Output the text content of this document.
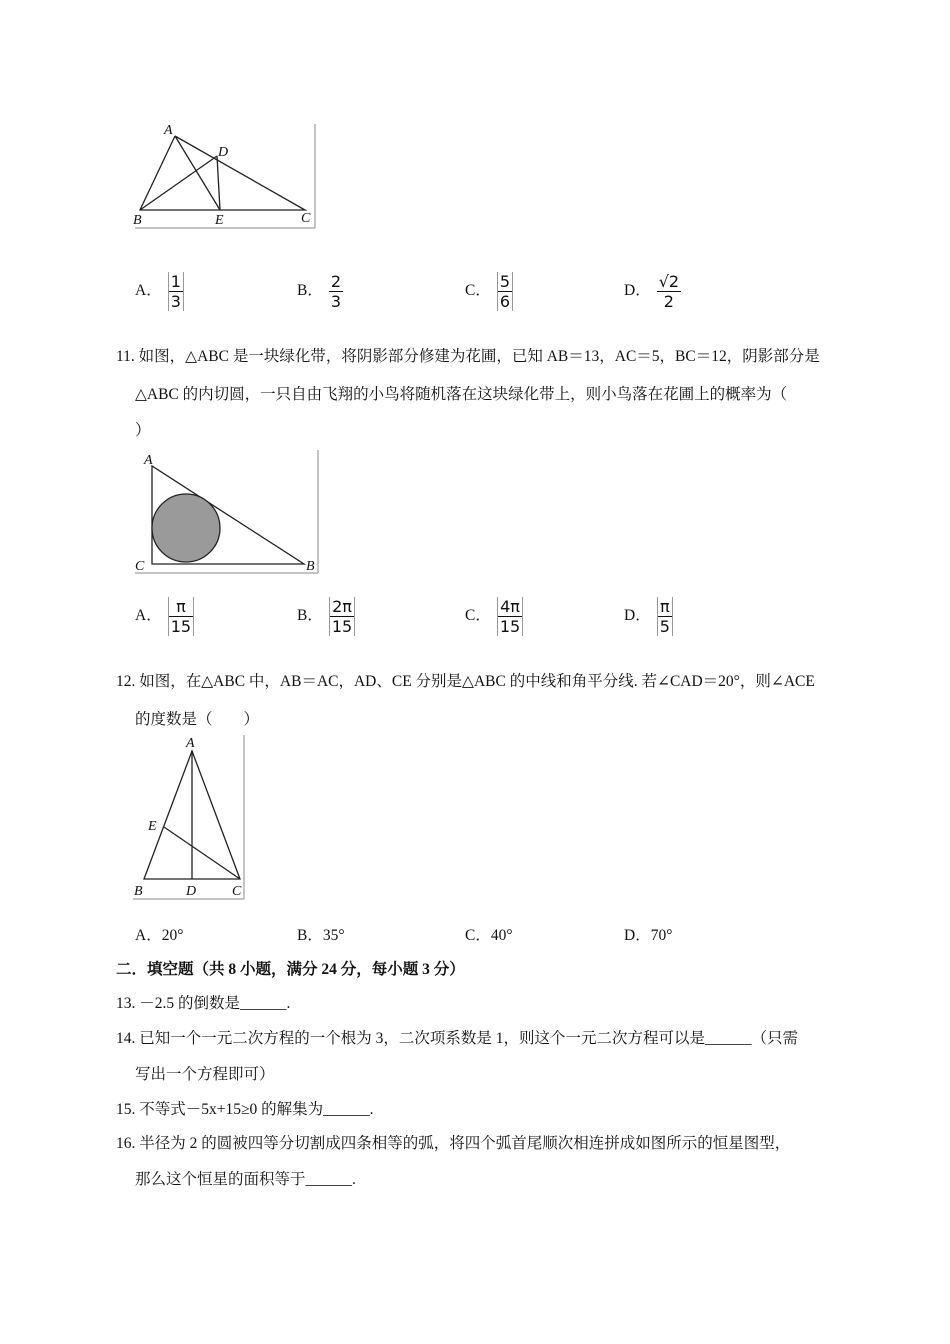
A
D
B	E	C
A． $\frac{1}{3}$	B． $\frac{2}{3}$	C． $\frac{5}{6}$	D． $\frac{√2}{2}$
11. 如图，△ABC 是一块绿化带，将阴影部分修建为花圃，已知 AB＝13，AC＝5，BC＝12，阴影部分是
△ABC 的内切圆，一只自由飞翔的小鸟将随机落在这块绿化带上，则小鸟落在花圃上的概率为（
）
A
C	B
A． $\frac{\pi}{15}$	B． $\frac{2\pi}{15}$	C． $\frac{4\pi}{15}$	D． $\frac{\pi}{5}$
12. 如图，在△ABC 中，AB＝AC，AD、CE 分别是△ABC 的中线和角平分线. 若∠CAD＝20°，则∠ACE
的度数是（　　）
A
E
B	D	C
A．20°	B．35°	C．40°	D．70°
二．填空题（共 8 小题，满分 24 分，每小题 3 分）
13. －2.5 的倒数是______.
14. 已知一个一元二次方程的一个根为 3，二次项系数是 1，则这个一元二次方程可以是______（只需
写出一个方程即可）
15. 不等式－5x+15≥0 的解集为______.
16. 半径为 2 的圆被四等分切割成四条相等的弧，将四个弧首尾顺次相连拼成如图所示的恒星图型，
那么这个恒星的面积等于______.
